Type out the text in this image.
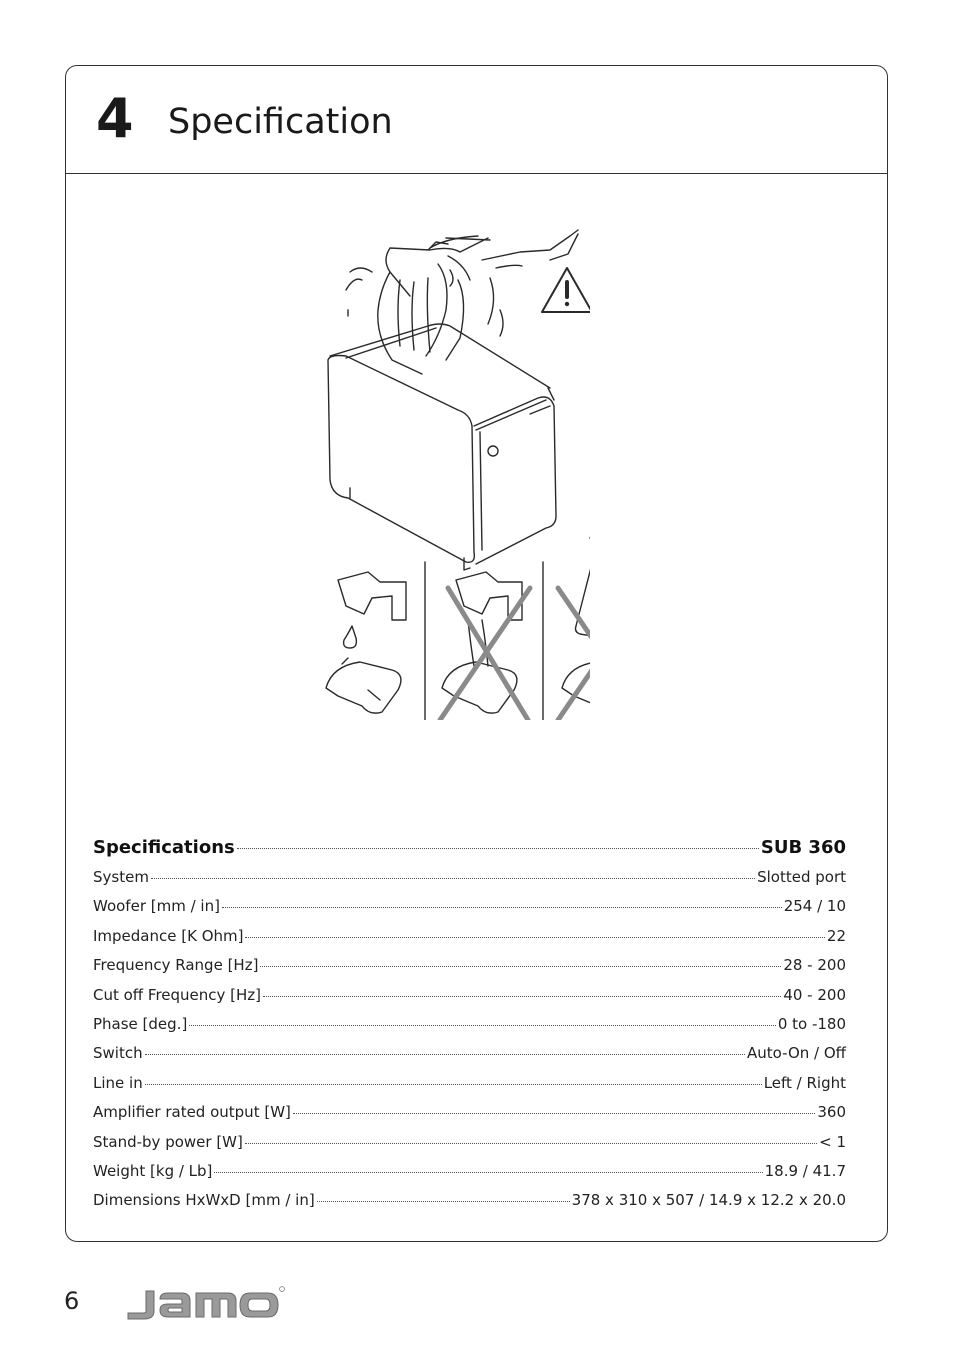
4 Specification
Specifications	SUB 360
System	Slotted port
Woofer [mm / in]	254 / 10
Impedance [K Ohm]	22
Frequency Range [Hz]	28 - 200
Cut off Frequency [Hz]	40 - 200
Phase [deg.]	0 to -180
Switch	Auto-On / Off
Line in	Left / Right
Amplifier rated output [W]	360
Stand-by power [W]	< 1
Weight [kg / Lb]	18.9 / 41.7
Dimensions HxWxD [mm / in]	378 x 310 x 507 / 14.9 x 12.2 x 20.0
6
